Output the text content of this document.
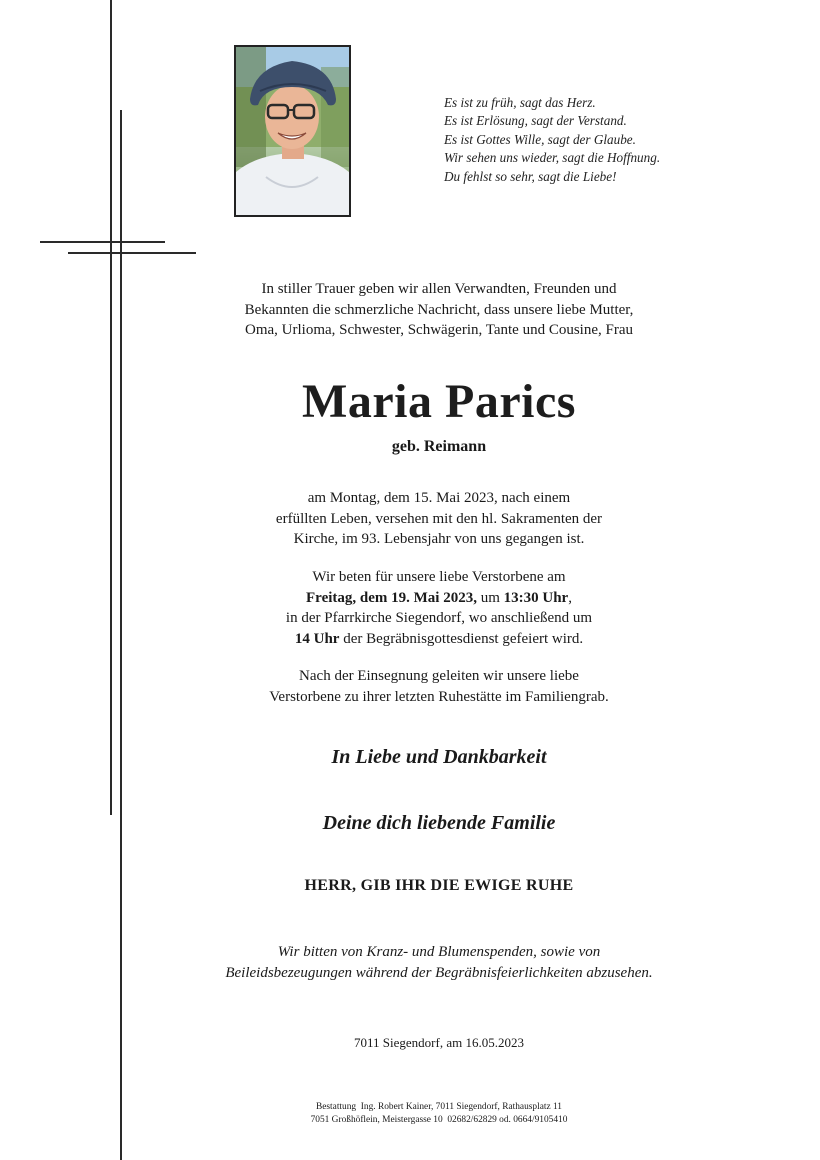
Es ist zu früh, sagt das Herz.
Es ist Erlösung, sagt der Verstand.
Es ist Gottes Wille, sagt der Glaube.
Wir sehen uns wieder, sagt die Hoffnung.
Du fehlst so sehr, sagt die Liebe!
In stiller Trauer geben wir allen Verwandten, Freunden und
Bekannten die schmerzliche Nachricht, dass unsere liebe Mutter,
Oma, Urlioma, Schwester, Schwägerin, Tante und Cousine, Frau
Maria Parics
geb. Reimann
am Montag, dem 15. Mai 2023, nach einem
erfüllten Leben, versehen mit den hl. Sakramenten der
Kirche, im 93. Lebensjahr von uns gegangen ist.
Wir beten für unsere liebe Verstorbene am
Freitag, dem 19. Mai 2023, um 13:30 Uhr,
in der Pfarrkirche Siegendorf, wo anschließend um
14 Uhr der Begräbnisgottesdienst gefeiert wird.
Nach der Einsegnung geleiten wir unsere liebe
Verstorbene zu ihrer letzten Ruhestätte im Familiengrab.
In Liebe und Dankbarkeit
Deine dich liebende Familie
HERR, GIB IHR DIE EWIGE RUHE
Wir bitten von Kranz- und Blumenspenden, sowie von
Beileidsbezeugungen während der Begräbnisfeierlichkeiten abzusehen.
7011 Siegendorf, am 16.05.2023
Bestattung  Ing. Robert Kainer, 7011 Siegendorf, Rathausplatz 11
7051 Großhöflein, Meistergasse 10  02682/62829 od. 0664/9105410
